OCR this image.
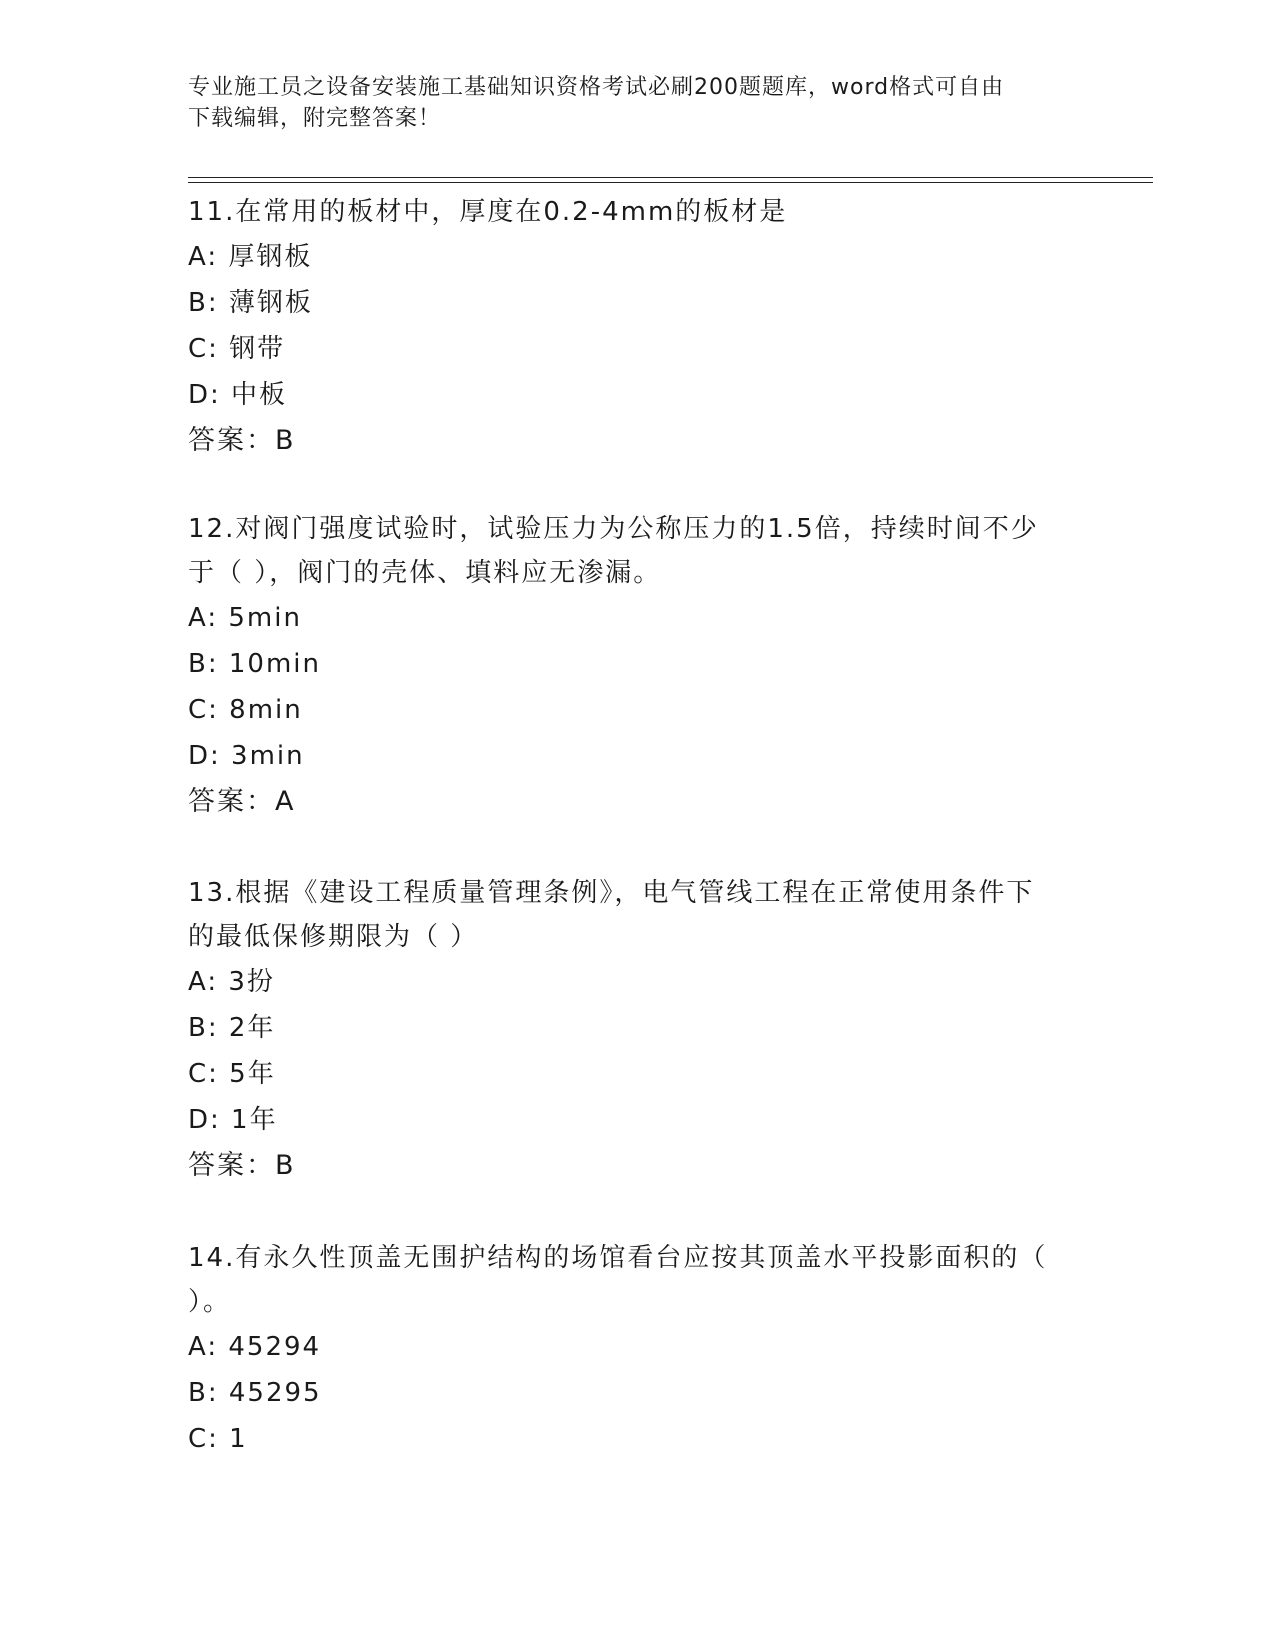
专业施工员之设备安装施工基础知识资格考试必刷200题题库，word格式可自由
下载编辑，附完整答案！

11.在常用的板材中，厚度在0.2-4mm的板材是

A: 厚钢板

B: 薄钢板

C: 钢带

D: 中板

答案：B

12.对阀门强度试验时，试验压力为公称压力的1.5倍，持续时间不少

于（ ），阀门的壳体、填料应无渗漏。

A: 5min

B: 10min

C: 8min

D: 3min

答案：A

13.根据《建设工程质量管理条例》，电气管线工程在正常使用条件下

的最低保修期限为（ ）

A: 3扮

B: 2年

C: 5年

D: 1年

答案：B

14.有永久性顶盖无围护结构的场馆看台应按其顶盖水平投影面积的（

）。

A: 45294

B: 45295

C: 1
